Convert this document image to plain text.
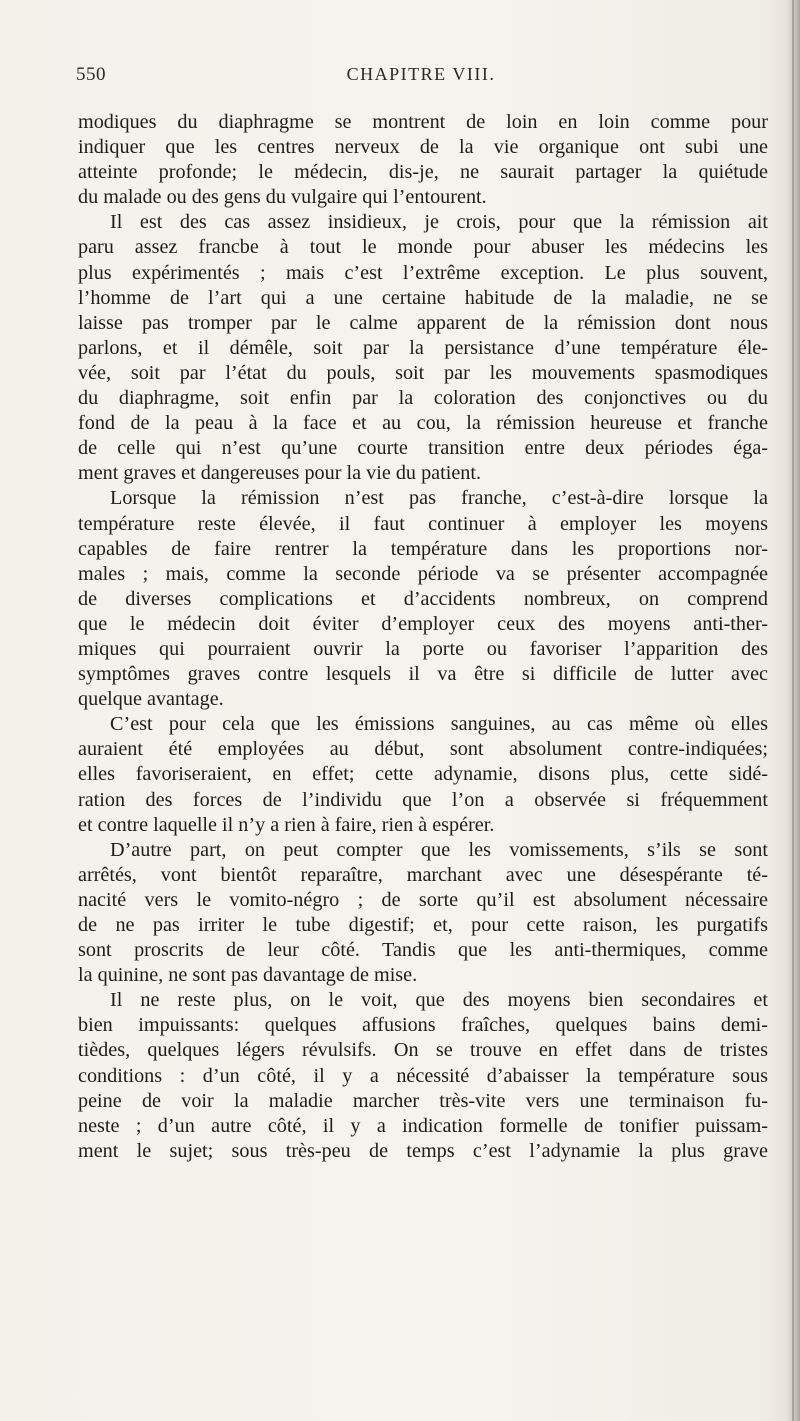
550	CHAPITRE VIII.
modiques du diaphragme se montrent de loin en loin comme pour
indiquer que les centres nerveux de la vie organique ont subi une
atteinte profonde; le médecin, dis-je, ne saurait partager la quiétude
du malade ou des gens du vulgaire qui l’entourent.
Il est des cas assez insidieux, je crois, pour que la rémission ait
paru assez francbe à tout le monde pour abuser les médecins les
plus expérimentés ; mais c’est l’extrême exception. Le plus souvent,
l’homme de l’art qui a une certaine habitude de la maladie, ne se
laisse pas tromper par le calme apparent de la rémission dont nous
parlons, et il démêle, soit par la persistance d’une température éle-
vée, soit par l’état du pouls, soit par les mouvements spasmodiques
du diaphragme, soit enfin par la coloration des conjonctives ou du
fond de la peau à la face et au cou, la rémission heureuse et franche
de celle qui n’est qu’une courte transition entre deux périodes éga-
ment graves et dangereuses pour la vie du patient.
Lorsque la rémission n’est pas franche, c’est-à-dire lorsque la
température reste élevée, il faut continuer à employer les moyens
capables de faire rentrer la température dans les proportions nor-
males ; mais, comme la seconde période va se présenter accompagnée
de diverses complications et d’accidents nombreux, on comprend
que le médecin doit éviter d’employer ceux des moyens anti-ther-
miques qui pourraient ouvrir la porte ou favoriser l’apparition des
symptômes graves contre lesquels il va être si difficile de lutter avec
quelque avantage.
C’est pour cela que les émissions sanguines, au cas même où elles
auraient été employées au début, sont absolument contre-indiquées;
elles favoriseraient, en effet; cette adynamie, disons plus, cette sidé-
ration des forces de l’individu que l’on a observée si fréquemment
et contre laquelle il n’y a rien à faire, rien à espérer.
D’autre part, on peut compter que les vomissements, s’ils se sont
arrêtés, vont bientôt reparaître, marchant avec une désespérante té-
nacité vers le vomito-négro ; de sorte qu’il est absolument nécessaire
de ne pas irriter le tube digestif; et, pour cette raison, les purgatifs
sont proscrits de leur côté. Tandis que les anti-thermiques, comme
la quinine, ne sont pas davantage de mise.
Il ne reste plus, on le voit, que des moyens bien secondaires et
bien impuissants: quelques affusions fraîches, quelques bains demi-
tièdes, quelques légers révulsifs. On se trouve en effet dans de tristes
conditions : d’un côté, il y a nécessité d’abaisser la température sous
peine de voir la maladie marcher très-vite vers une terminaison fu-
neste ; d’un autre côté, il y a indication formelle de tonifier puissam-
ment le sujet; sous très-peu de temps c’est l’adynamie la plus grave
